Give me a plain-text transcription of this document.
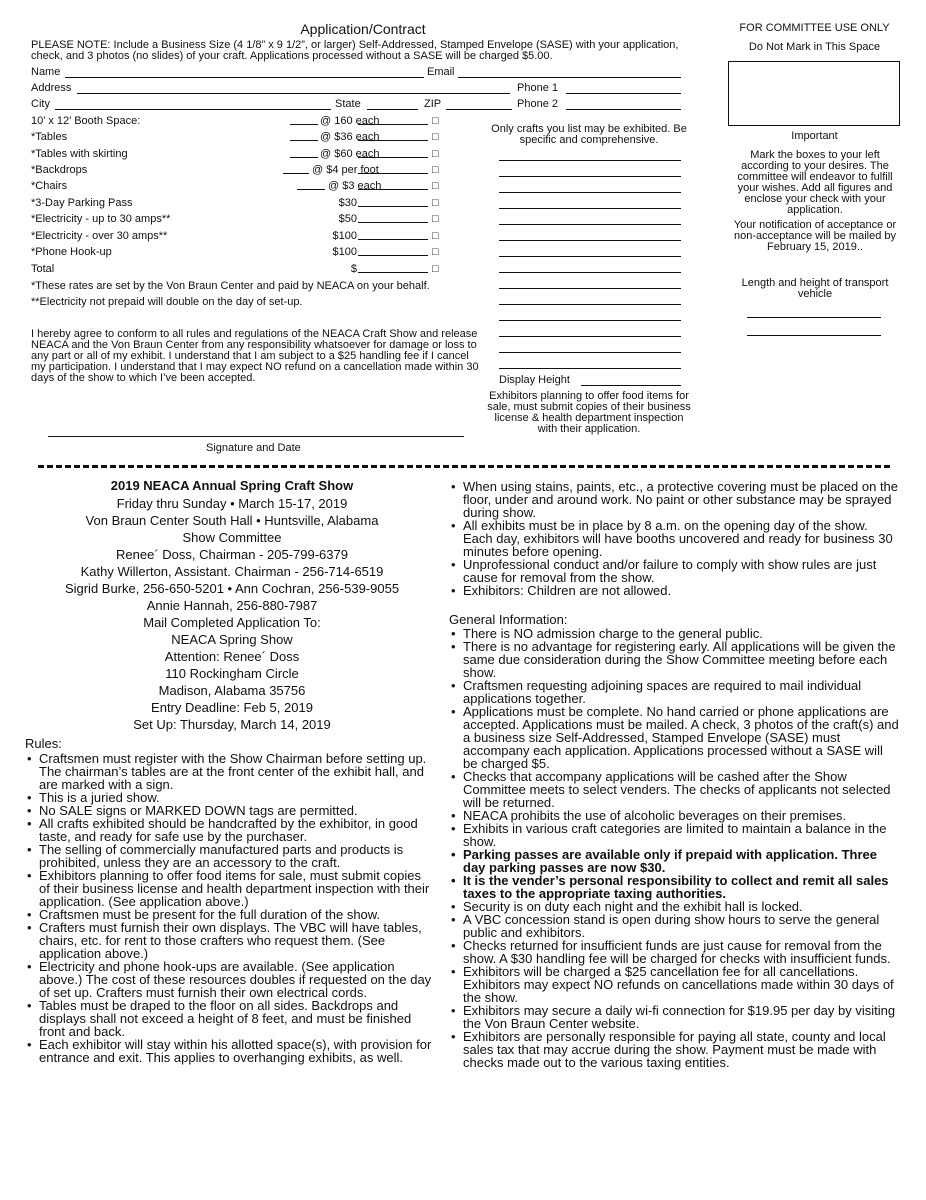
Application/Contract
PLEASE NOTE: Include a Business Size (4 1/8” x 9 1/2”, or larger) Self-Addressed, Stamped Envelope (SASE) with your application, check, and 3 photos (no slides) of your craft. Applications processed without a SASE will be charged $5.00.
Name	Email
Address	Phone 1
City	State	ZIP	Phone 2
10’ x 12’ Booth Space:	@ 160 each	□
*Tables	@ $36 each	□
*Tables with skirting	@ $60 each	□
*Backdrops	@ $4 per foot	□
*Chairs	@ $3 each	□
*3-Day Parking Pass	$30	□
*Electricity - up to 30 amps**	$50	□
*Electricity - over 30 amps**	$100	□
*Phone Hook-up	$100	□
Total	$	□
*These rates are set by the Von Braun Center and paid by NEACA on your behalf.
**Electricity not prepaid will double on the day of set-up.
I hereby agree to conform to all rules and regulations of the NEACA Craft Show and release NEACA and the Von Braun Center from any responsibility whatsoever for damage or loss to any part or all of my exhibit. I understand that I am subject to a $25 handling fee if I cancel my participation. I understand that I may expect NO refund on a cancellation made within 30 days of the show to which I’ve been accepted.
Signature and Date
Only crafts you list may be exhibited. Be specific and comprehensive.
Display Height
Exhibitors planning to offer food items for sale, must submit copies of their business license & health department inspection with their application.
FOR COMMITTEE USE ONLY
Do Not Mark in This Space
Important
Mark the boxes to your left according to your desires. The committee will endeavor to fulfill your wishes. Add all figures and enclose your check with your application.
Your notification of acceptance or non-acceptance will be mailed by February 15, 2019..
Length and height of transport vehicle
2019 NEACA Annual Spring Craft Show
Friday thru Sunday • March 15-17, 2019
Von Braun Center South Hall • Huntsville, Alabama
Show Committee
Renee´ Doss, Chairman - 205-799-6379
Kathy Willerton, Assistant. Chairman - 256-714-6519
Sigrid Burke, 256-650-5201 • Ann Cochran, 256-539-9055
Annie Hannah, 256-880-7987
Mail Completed Application To:
NEACA Spring Show
Attention: Renee´ Doss
110 Rockingham Circle
Madison, Alabama 35756
Entry Deadline: Feb 5, 2019
Set Up: Thursday, March 14, 2019
Rules:
• Craftsmen must register with the Show Chairman before setting up. The chairman’s tables are at the front center of the exhibit hall, and are marked with a sign.
• This is a juried show.
• No SALE signs or MARKED DOWN tags are permitted.
• All crafts exhibited should be handcrafted by the exhibitor, in good taste, and ready for safe use by the purchaser.
• The selling of commercially manufactured parts and products is prohibited, unless they are an accessory to the craft.
• Exhibitors planning to offer food items for sale, must submit copies of their business license and health department inspection with their application. (See application above.)
• Craftsmen must be present for the full duration of the show.
• Crafters must furnish their own displays. The VBC will have tables, chairs, etc. for rent to those crafters who request them. (See application above.)
• Electricity and phone hook-ups are available. (See application above.) The cost of these resources doubles if requested on the day of set up. Crafters must furnish their own electrical cords.
• Tables must be draped to the floor on all sides. Backdrops and displays shall not exceed a height of 8 feet, and must be finished front and back.
• Each exhibitor will stay within his allotted space(s), with provision for entrance and exit. This applies to overhanging exhibits, as well.
• When using stains, paints, etc., a protective covering must be placed on the floor, under and around work. No paint or other substance may be sprayed during show.
• All exhibits must be in place by 8 a.m. on the opening day of the show. Each day, exhibitors will have booths uncovered and ready for business 30 minutes before opening.
• Unprofessional conduct and/or failure to comply with show rules are just cause for removal from the show.
• Exhibitors: Children are not allowed.
General Information:
• There is NO admission charge to the general public.
• There is no advantage for registering early. All applications will be given the same due consideration during the Show Committee meeting before each show.
• Craftsmen requesting adjoining spaces are required to mail individual applications together.
• Applications must be complete. No hand carried or phone applications are accepted. Applications must be mailed. A check, 3 photos of the craft(s) and a business size Self-Addressed, Stamped Envelope (SASE) must accompany each application. Applications processed without a SASE will be charged $5.
• Checks that accompany applications will be cashed after the Show Committee meets to select venders. The checks of applicants not selected will be returned.
• NEACA prohibits the use of alcoholic beverages on their premises.
• Exhibits in various craft categories are limited to maintain a balance in the show.
• Parking passes are available only if prepaid with application. Three day parking passes are now $30.
• It is the vender’s personal responsibility to collect and remit all sales taxes to the appropriate taxing authorities.
• Security is on duty each night and the exhibit hall is locked.
• A VBC concession stand is open during show hours to serve the general public and exhibitors.
• Checks returned for insufficient funds are just cause for removal from the show. A $30 handling fee will be charged for checks with insufficient funds.
• Exhibitors will be charged a $25 cancellation fee for all cancellations. Exhibitors may expect NO refunds on cancellations made within 30 days of the show.
• Exhibitors may secure a daily wi-fi connection for $19.95 per day by visiting the Von Braun Center website.
• Exhibitors are personally responsible for paying all state, county and local sales tax that may accrue during the show. Payment must be made with checks made out to the various taxing entities.
